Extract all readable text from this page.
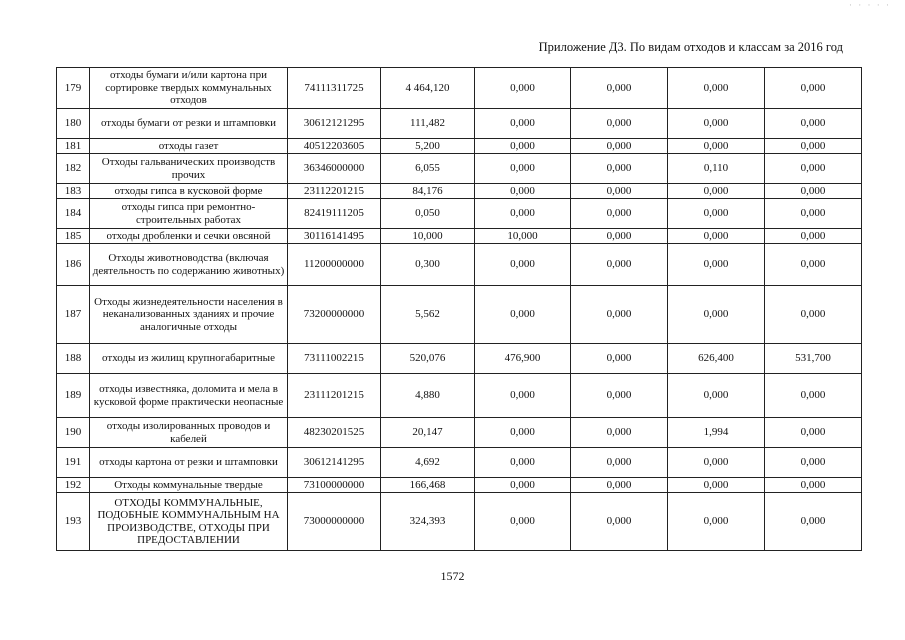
· · · · ·
Приложение Д3. По видам отходов и классам за 2016 год
179	отходы бумаги и/или картона при сортировке твердых коммунальных отходов	74111311725	4 464,120	0,000	0,000	0,000	0,000
180	отходы бумаги от резки и штамповки	30612121295	111,482	0,000	0,000	0,000	0,000
181	отходы газет	40512203605	5,200	0,000	0,000	0,000	0,000
182	Отходы гальванических производств прочих	36346000000	6,055	0,000	0,000	0,110	0,000
183	отходы гипса в кусковой форме	23112201215	84,176	0,000	0,000	0,000	0,000
184	отходы гипса при ремонтно-строительных работах	82419111205	0,050	0,000	0,000	0,000	0,000
185	отходы дробленки и сечки овсяной	30116141495	10,000	10,000	0,000	0,000	0,000
186	Отходы животноводства (включая деятельность по содержанию животных)	11200000000	0,300	0,000	0,000	0,000	0,000
187	Отходы жизнедеятельности населения в неканализованных зданиях и прочие аналогичные отходы	73200000000	5,562	0,000	0,000	0,000	0,000
188	отходы из жилищ крупногабаритные	73111002215	520,076	476,900	0,000	626,400	531,700
189	отходы известняка, доломита и мела в кусковой форме практически неопасные	23111201215	4,880	0,000	0,000	0,000	0,000
190	отходы изолированных проводов и кабелей	48230201525	20,147	0,000	0,000	1,994	0,000
191	отходы картона от резки и штамповки	30612141295	4,692	0,000	0,000	0,000	0,000
192	Отходы коммунальные твердые	73100000000	166,468	0,000	0,000	0,000	0,000
193	ОТХОДЫ КОММУНАЛЬНЫЕ, ПОДОБНЫЕ КОММУНАЛЬНЫМ НА ПРОИЗВОДСТВЕ, ОТХОДЫ ПРИ ПРЕДОСТАВЛЕНИИ	73000000000	324,393	0,000	0,000	0,000	0,000
1572
